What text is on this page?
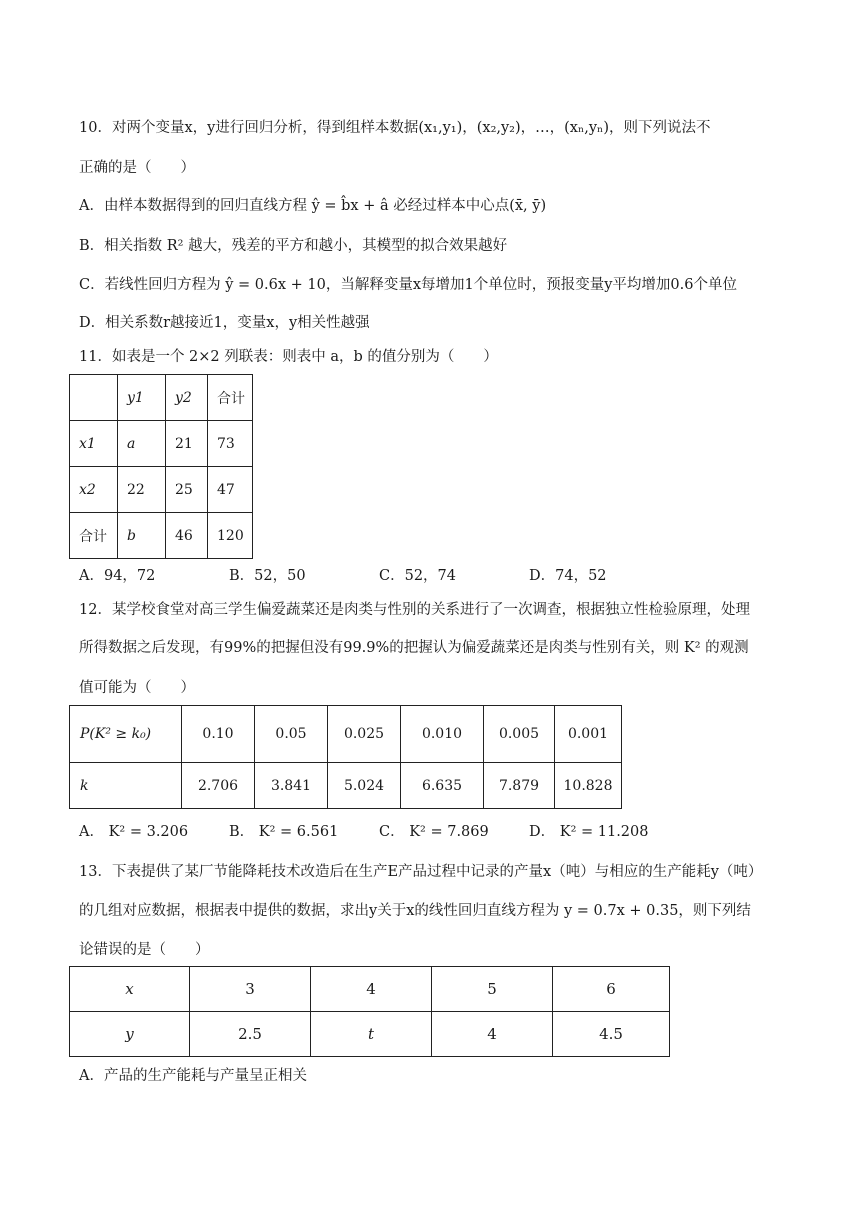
10．对两个变量x，y进行回归分析，得到组样本数据(x₁,y₁)，(x₂,y₂)，…，(xₙ,yₙ)，则下列说法不
正确的是（　　）
A．由样本数据得到的回归直线方程 ŷ = b̂x + â 必经过样本中心点(x̄, ȳ)
B．相关指数 R² 越大，残差的平方和越小，其模型的拟合效果越好
C．若线性回归方程为 ŷ = 0.6x + 10，当解释变量x每增加1个单位时，预报变量y平均增加0.6个单位
D．相关系数r越接近1，变量x，y相关性越强
11．如表是一个 2×2 列联表：则表中 a，b 的值分别为（　　）
	y1	y2	合计
x1	a	21	73
x2	22	25	47
合计	b	46	120
A．94，72	B．52，50	C．52，74	D．74，52
12．某学校食堂对高三学生偏爱蔬菜还是肉类与性别的关系进行了一次调查，根据独立性检验原理，处理
所得数据之后发现，有99%的把握但没有99.9%的把握认为偏爱蔬菜还是肉类与性别有关，则 K² 的观测
值可能为（　　）
P(K² ≥ k₀)	0.10	0.05	0.025	0.010	0.005	0.001
k	2.706	3.841	5.024	6.635	7.879	10.828
A． K² = 3.206	B． K² = 6.561	C． K² = 7.869	D． K² = 11.208
13．下表提供了某厂节能降耗技术改造后在生产E产品过程中记录的产量x（吨）与相应的生产能耗y（吨）
的几组对应数据，根据表中提供的数据，求出y关于x的线性回归直线方程为 y = 0.7x + 0.35，则下列结
论错误的是（　　）
x	3	4	5	6
y	2.5	t	4	4.5
A．产品的生产能耗与产量呈正相关
